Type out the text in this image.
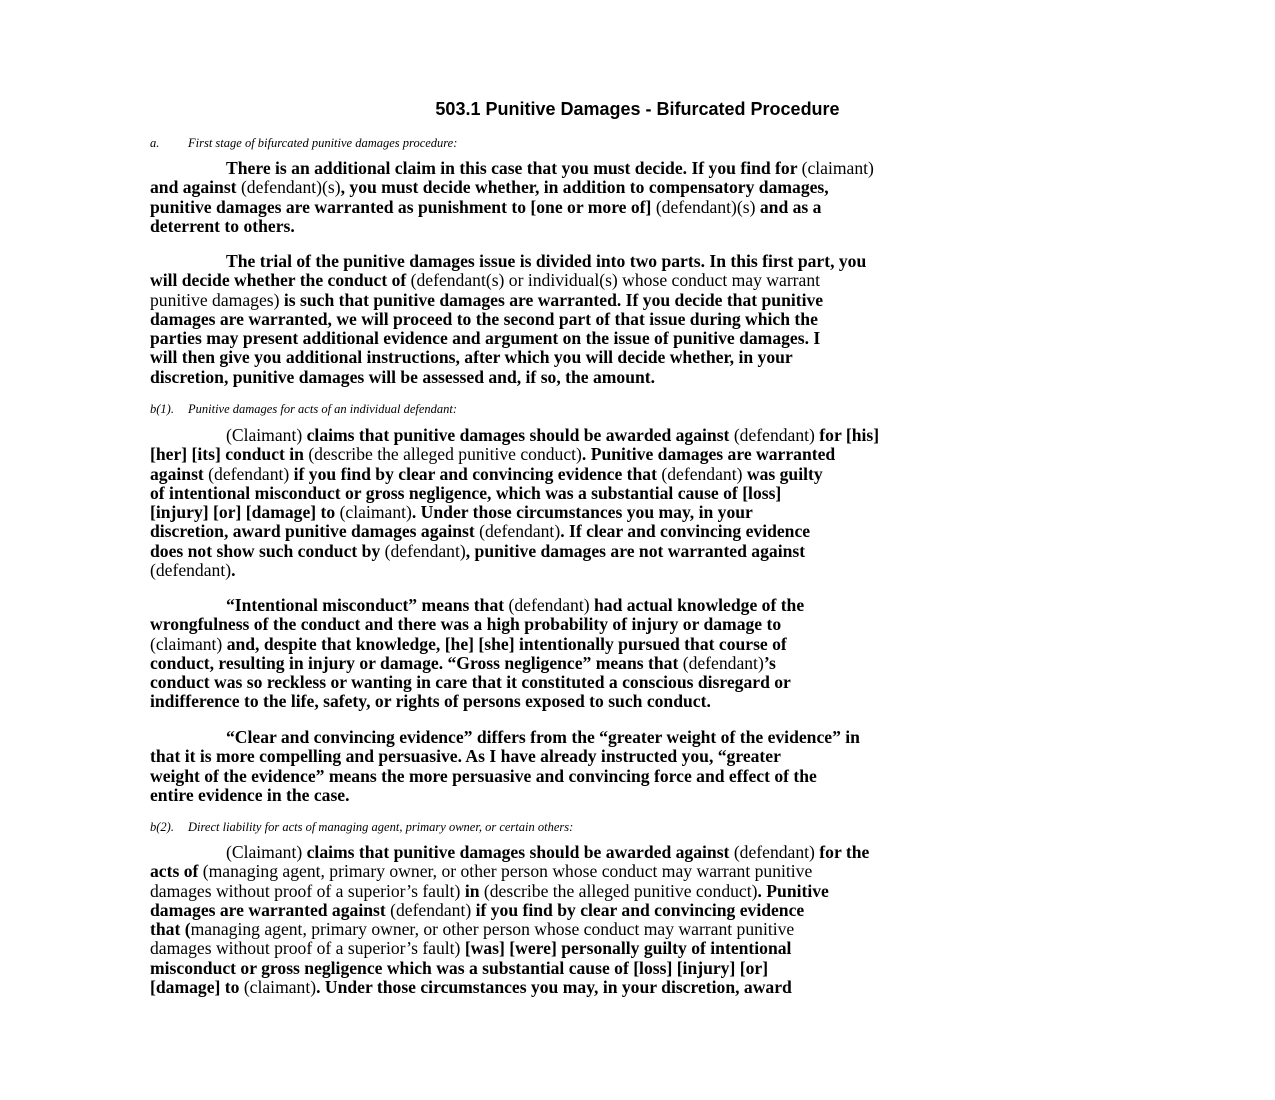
503.1 Punitive Damages - Bifurcated Procedure
a. First stage of bifurcated punitive damages procedure:
There is an additional claim in this case that you must decide. If you find for (claimant)
and against (defendant)(s), you must decide whether, in addition to compensatory damages,
punitive damages are warranted as punishment to [one or more of] (defendant)(s) and as a
deterrent to others.
The trial of the punitive damages issue is divided into two parts. In this first part, you
will decide whether the conduct of (defendant(s) or individual(s) whose conduct may warrant
punitive damages) is such that punitive damages are warranted. If you decide that punitive
damages are warranted, we will proceed to the second part of that issue during which the
parties may present additional evidence and argument on the issue of punitive damages. I
will then give you additional instructions, after which you will decide whether, in your
discretion, punitive damages will be assessed and, if so, the amount.
b(1). Punitive damages for acts of an individual defendant:
(Claimant) claims that punitive damages should be awarded against (defendant) for [his]
[her] [its] conduct in (describe the alleged punitive conduct). Punitive damages are warranted
against (defendant) if you find by clear and convincing evidence that (defendant) was guilty
of intentional misconduct or gross negligence, which was a substantial cause of [loss]
[injury] [or] [damage] to (claimant). Under those circumstances you may, in your
discretion, award punitive damages against (defendant). If clear and convincing evidence
does not show such conduct by (defendant), punitive damages are not warranted against
(defendant).
“Intentional misconduct” means that (defendant) had actual knowledge of the
wrongfulness of the conduct and there was a high probability of injury or damage to
(claimant) and, despite that knowledge, [he] [she] intentionally pursued that course of
conduct, resulting in injury or damage. “Gross negligence” means that (defendant)’s
conduct was so reckless or wanting in care that it constituted a conscious disregard or
indifference to the life, safety, or rights of persons exposed to such conduct.
“Clear and convincing evidence” differs from the “greater weight of the evidence” in
that it is more compelling and persuasive. As I have already instructed you, “greater
weight of the evidence” means the more persuasive and convincing force and effect of the
entire evidence in the case.
b(2). Direct liability for acts of managing agent, primary owner, or certain others:
(Claimant) claims that punitive damages should be awarded against (defendant) for the
acts of (managing agent, primary owner, or other person whose conduct may warrant punitive
damages without proof of a superior’s fault) in (describe the alleged punitive conduct). Punitive
damages are warranted against (defendant) if you find by clear and convincing evidence
that (managing agent, primary owner, or other person whose conduct may warrant punitive
damages without proof of a superior’s fault) [was] [were] personally guilty of intentional
misconduct or gross negligence which was a substantial cause of [loss] [injury] [or]
[damage] to (claimant). Under those circumstances you may, in your discretion, award
